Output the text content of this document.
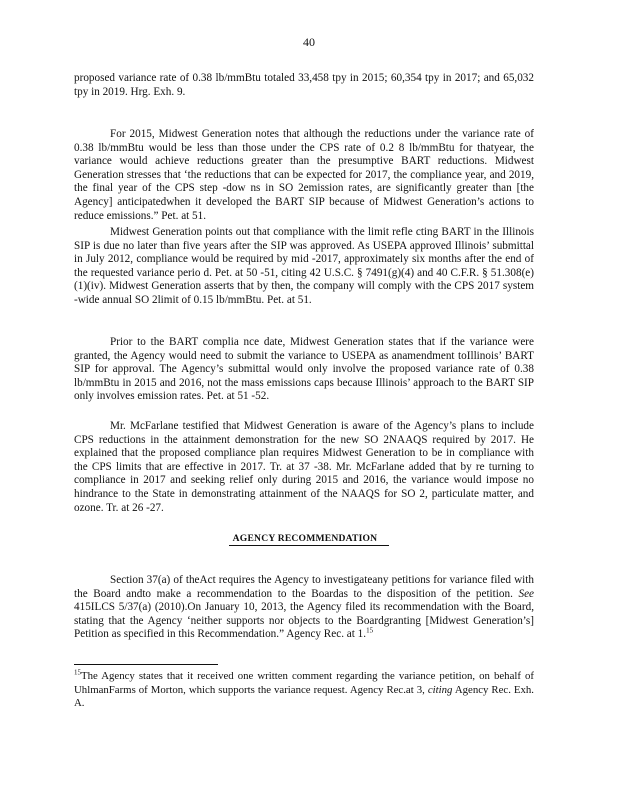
40
proposed variance rate of 0.38 lb/mmBtu totaled 33,458 tpy in 2015; 60,354 tpy in 2017; and 65,032 tpy in 2019. Hrg. Exh. 9.
For 2015, Midwest Generation notes that although the reductions under the variance rate of 0.38 lb/mmBtu would be less than those under the CPS rate of 0.2 8 lb/mmBtu for thatyear, the variance would achieve reductions greater than the presumptive BART reductions. Midwest Generation stresses that ‘the reductions that can be expected for 2017, the compliance year, and 2019, the final year of the CPS step -dow ns in SO 2emission rates, are significantly greater than [the Agency] anticipatedwhen it developed the BART SIP because of Midwest Generation’s actions to reduce emissions.” Pet. at 51.
Midwest Generation points out that compliance with the limit refle cting BART in the Illinois SIP is due no later than five years after the SIP was approved. As USEPA approved Illinois’ submittal in July 2012, compliance would be required by mid -2017, approximately six months after the end of the requested variance perio d. Pet. at 50 -51, citing 42 U.S.C. § 7491(g)(4) and 40 C.F.R. § 51.308(e)(1)(iv). Midwest Generation asserts that by then, the company will comply with the CPS 2017 system -wide annual SO 2limit of 0.15 lb/mmBtu. Pet. at 51.
Prior to the BART complia nce date, Midwest Generation states that if the variance were granted, the Agency would need to submit the variance to USEPA as anamendment toIllinois’ BART SIP for approval. The Agency’s submittal would only involve the proposed variance rate of 0.38 lb/mmBtu in 2015 and 2016, not the mass emissions caps because Illinois’ approach to the BART SIP only involves emission rates. Pet. at 51 -52.
Mr. McFarlane testified that Midwest Generation is aware of the Agency’s plans to include CPS reductions in the attainment demonstration for the new SO 2NAAQS required by 2017. He explained that the proposed compliance plan requires Midwest Generation to be in compliance with the CPS limits that are effective in 2017. Tr. at 37 -38. Mr. McFarlane added that by re turning to compliance in 2017 and seeking relief only during 2015 and 2016, the variance would impose no hindrance to the State in demonstrating attainment of the NAAQS for SO 2, particulate matter, and ozone. Tr. at 26 -27.
AGENCY RECOMMENDATION
Section 37(a) of theAct requires the Agency to investigateany petitions for variance filed with the Board andto make a recommendation to the Boardas to the disposition of the petition. See 415ILCS 5/37(a) (2010).On January 10, 2013, the Agency filed its recommendation with the Board, stating that the Agency ‘neither supports nor objects to the Boardgranting [Midwest Generation’s] Petition as specified in this Recommendation.” Agency Rec. at 1.15
$^{15}$The Agency states that it received one written comment regarding the variance petition, on behalf of UhlmanFarms of Morton, which supports the variance request. Agency Rec.at 3, citing Agency Rec. Exh. A.
